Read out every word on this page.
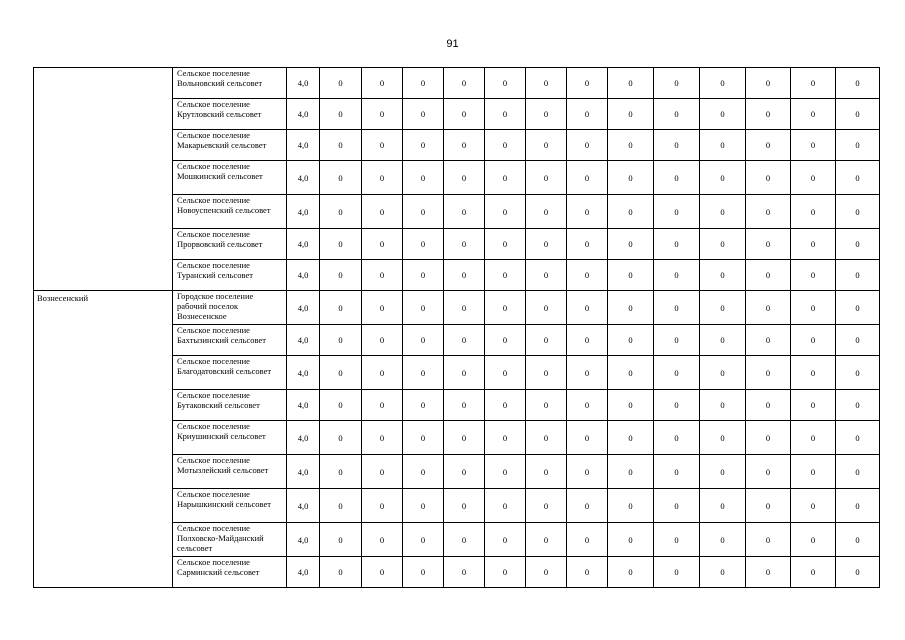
91
	Сельское поселение Вольновский сельсовет	4,0	0	0	0	0	0	0	0	0	0	0	0	0	0
	Сельское поселение Крутловский сельсовет	4,0	0	0	0	0	0	0	0	0	0	0	0	0	0
	Сельское поселение Макарьевский сельсовет	4,0	0	0	0	0	0	0	0	0	0	0	0	0	0
	Сельское поселение Мошкинский сельсовет	4,0	0	0	0	0	0	0	0	0	0	0	0	0	0
	Сельское поселение Новоуспенский сельсовет	4,0	0	0	0	0	0	0	0	0	0	0	0	0	0
	Сельское поселение Прорвовский сельсовет	4,0	0	0	0	0	0	0	0	0	0	0	0	0	0
	Сельское поселение Туранский сельсовет	4,0	0	0	0	0	0	0	0	0	0	0	0	0	0
Вознесенский	Городское поселение рабочий поселок Вознесенское	4,0	0	0	0	0	0	0	0	0	0	0	0	0	0
	Сельское поселение Бахтызинский сельсовет	4,0	0	0	0	0	0	0	0	0	0	0	0	0	0
	Сельское поселение Благодатовский сельсовет	4,0	0	0	0	0	0	0	0	0	0	0	0	0	0
	Сельское поселение Бутаковский сельсовет	4,0	0	0	0	0	0	0	0	0	0	0	0	0	0
	Сельское поселение Криушинский сельсовет	4,0	0	0	0	0	0	0	0	0	0	0	0	0	0
	Сельское поселение Мотызлейский сельсовет	4,0	0	0	0	0	0	0	0	0	0	0	0	0	0
	Сельское поселение Нарышкинский сельсовет	4,0	0	0	0	0	0	0	0	0	0	0	0	0	0
	Сельское поселение Полховско-Майданский сельсовет	4,0	0	0	0	0	0	0	0	0	0	0	0	0	0
	Сельское поселение Сарминский сельсовет	4,0	0	0	0	0	0	0	0	0	0	0	0	0	0
